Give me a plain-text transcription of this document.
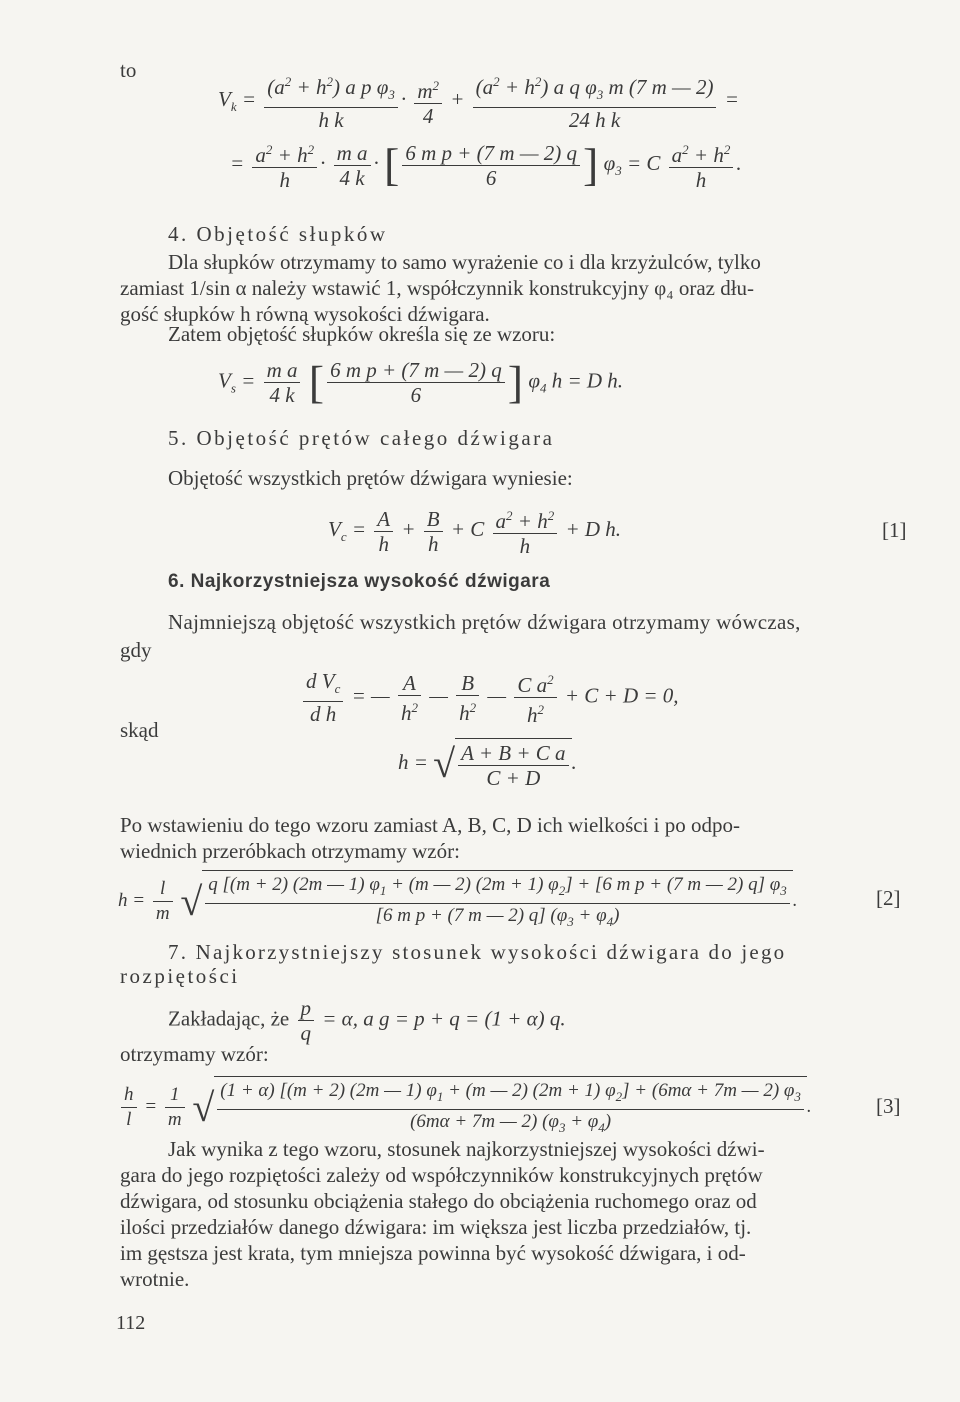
to
$V_k = \frac{(a^2 + h^2) a p \varphi_3}{\text{h k}} \cdot \frac{m^2}{4} + \frac{(a^2 + h^2) a q \varphi_3 m (7 m — 2)}{\text{24 h k}}$ =
= $\frac{a^2 + h^2}{h} \cdot \frac{\text{m a}}{4 k}$ · [ $\frac{\text{6 m p + (7 m — 2) q}}{6}$ ] $\varphi_3 = C \frac{a^2 + h^2}{h}$ .
4. Objętość słupków
Dla słupków otrzymamy to samo wyrażenie co i dla krzyżulców, tylko
zamiast 1/sin α należy wstawić 1, współczynnik konstrukcyjny φ₄ oraz dłu-
gość słupków h równą wysokości dźwigara.
Zatem objętość słupków określa się ze wzoru:
$V_s = \frac{\text{m a}}{4 k}$ [ $\frac{\text{6 m p + (7 m — 2) q}}{6}$ ] $\varphi_4$ h = D h.
5. Objętość prętów całego dźwigara
Objętość wszystkich prętów dźwigara wyniesie:
$V_c = \frac{A}{h} + \frac{B}{h} + C \frac{a^2 + h^2}{h} + D$ h.	[1]
6. Najkorzystniejsza wysokość dźwigara
Najmniejszą objętość wszystkich prętów dźwigara otrzymamy wówczas,
gdy
$\frac{d V_c}{\text{d h}}$ = — $\frac{A}{h^2}$ — $\frac{B}{h^2}$ — $\frac{C a^2}{h^2} + C + D = 0$,
skąd
h = √ $\frac{\text{A + B + C a}}{C + D}$ .
Po wstawieniu do tego wzoru zamiast A, B, C, D ich wielkości i po odpo-
wiednich przeróbkach otrzymamy wzór:
$h = \frac{l}{m}$ √ q [(m + 2) (2m — 1) $\varphi_1 + (m$ — 2) (2m + 1) $\varphi_2] + [6$ m p + (7 m — 2) q] $\varphi_3$
[6 m p + (7 m — 2) q] $(\varphi_3 + \varphi_4)$
.	[2]
7. Najkorzystniejszy stosunek wysokości dźwigara do jego
rozpiętości
Zakładając, że $\frac{p}{q} = \alpha$, a g = p + q = (1 + α) q.
otrzymamy wzór:
$\frac{h}{l} = \frac{1}{m}$ √ (1 + α) [(m + 2) (2m — 1) $\varphi_1 + (m$ — 2) (2m + 1) $\varphi_2] + (6m\alpha + 7m$ — 2) $\varphi_3$
(6mα + 7m — 2) $(\varphi_3 + \varphi_4)$
.	[3]
Jak wynika z tego wzoru, stosunek najkorzystniejszej wysokości dźwi-
gara do jego rozpiętości zależy od współczynników konstrukcyjnych prętów
dźwigara, od stosunku obciążenia stałego do obciążenia ruchomego oraz od
ilości przedziałów danego dźwigara: im większa jest liczba przedziałów, tj.
im gęstsza jest krata, tym mniejsza powinna być wysokość dźwigara, i od-
wrotnie.
112
